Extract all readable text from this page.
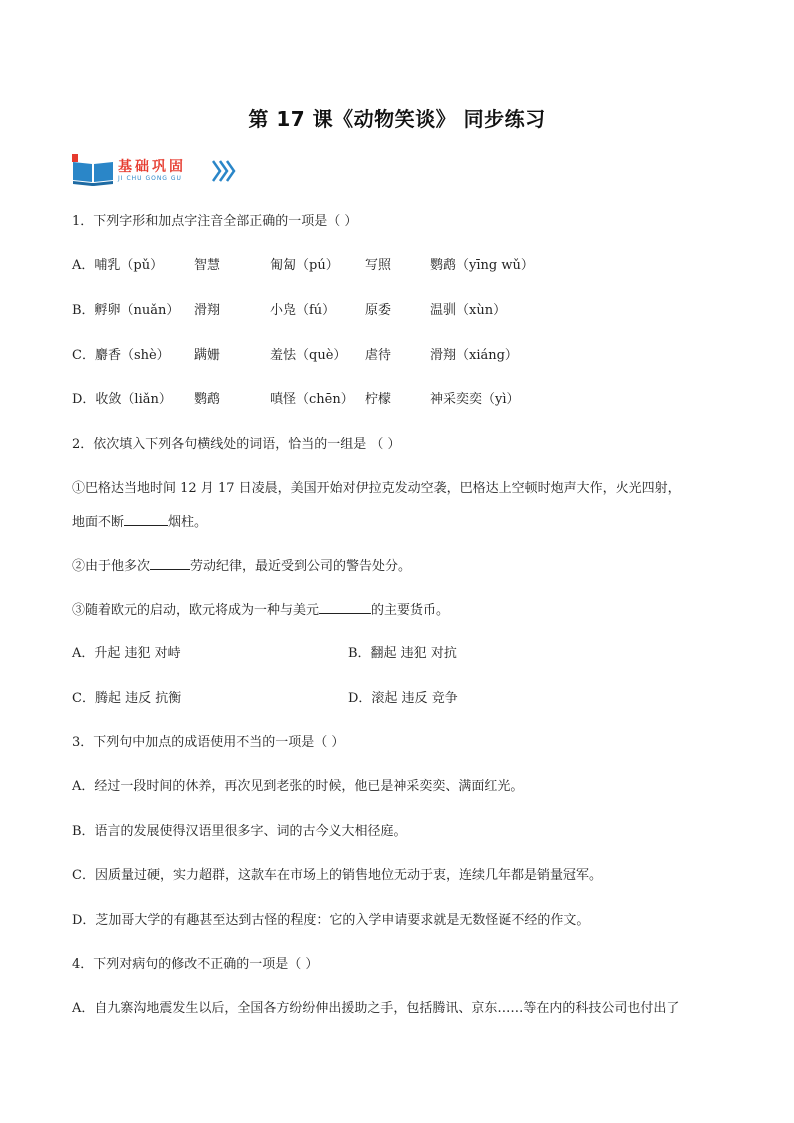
第 17 课《动物笑谈》 同步练习
基础巩固
JI CHU GONG GU
1．下列字形和加点字注音全部正确的一项是（ ）
A．哺乳（pǔ） 智慧	匍匐（pú） 写照	鹦鹉（yīng wǔ）
B．孵卵（nuǎn） 滑翔	小凫（fú） 原委	温驯（xùn）
C．麝香（shè） 蹒姗	羞怯（què） 虐待	滑翔（xiáng）
D．收敛（liǎn） 鹦鹉	嗔怪（chēn） 柠檬	神采奕奕（yì）
2．依次填入下列各句横线处的词语，恰当的一组是 （ ）
①巴格达当地时间 12 月 17 日凌晨，美国开始对伊拉克发动空袭，巴格达上空顿时炮声大作，火光四射，
地面不断	烟柱。
②由于他多次	劳动纪律，最近受到公司的警告处分。
③随着欧元的启动，欧元将成为一种与美元	的主要货币。
A．升起 违犯 对峙	B．翻起 违犯 对抗
C．腾起 违反 抗衡	D．滚起 违反 竞争
3．下列句中加点的成语使用不当的一项是（ ）
A．经过一段时间的休养，再次见到老张的时候，他已是神采奕奕、满面红光。
B．语言的发展使得汉语里很多字、词的古今义大相径庭。
C．因质量过硬，实力超群，这款车在市场上的销售地位无动于衷，连续几年都是销量冠军。
D．芝加哥大学的有趣甚至达到古怪的程度：它的入学申请要求就是无数怪诞不经的作文。
4．下列对病句的修改不正确的一项是（ ）
A．自九寨沟地震发生以后，全国各方纷纷伸出援助之手，包括腾讯、京东……等在内的科技公司也付出了
